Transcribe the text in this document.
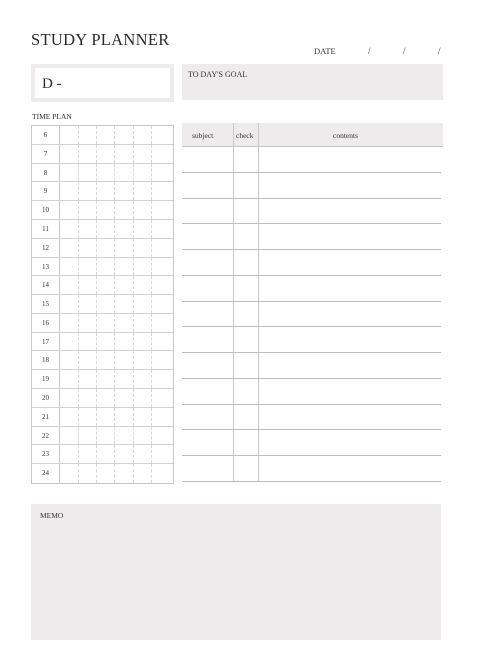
STUDY PLANNER
DATE	/	/	/
D -
TO DAY'S GOAL
TIME PLAN
6
7
8
9
10
11
12
13
14
15
16
17
18
19
20
21
22
23
24
subject	check	contents
MEMO
